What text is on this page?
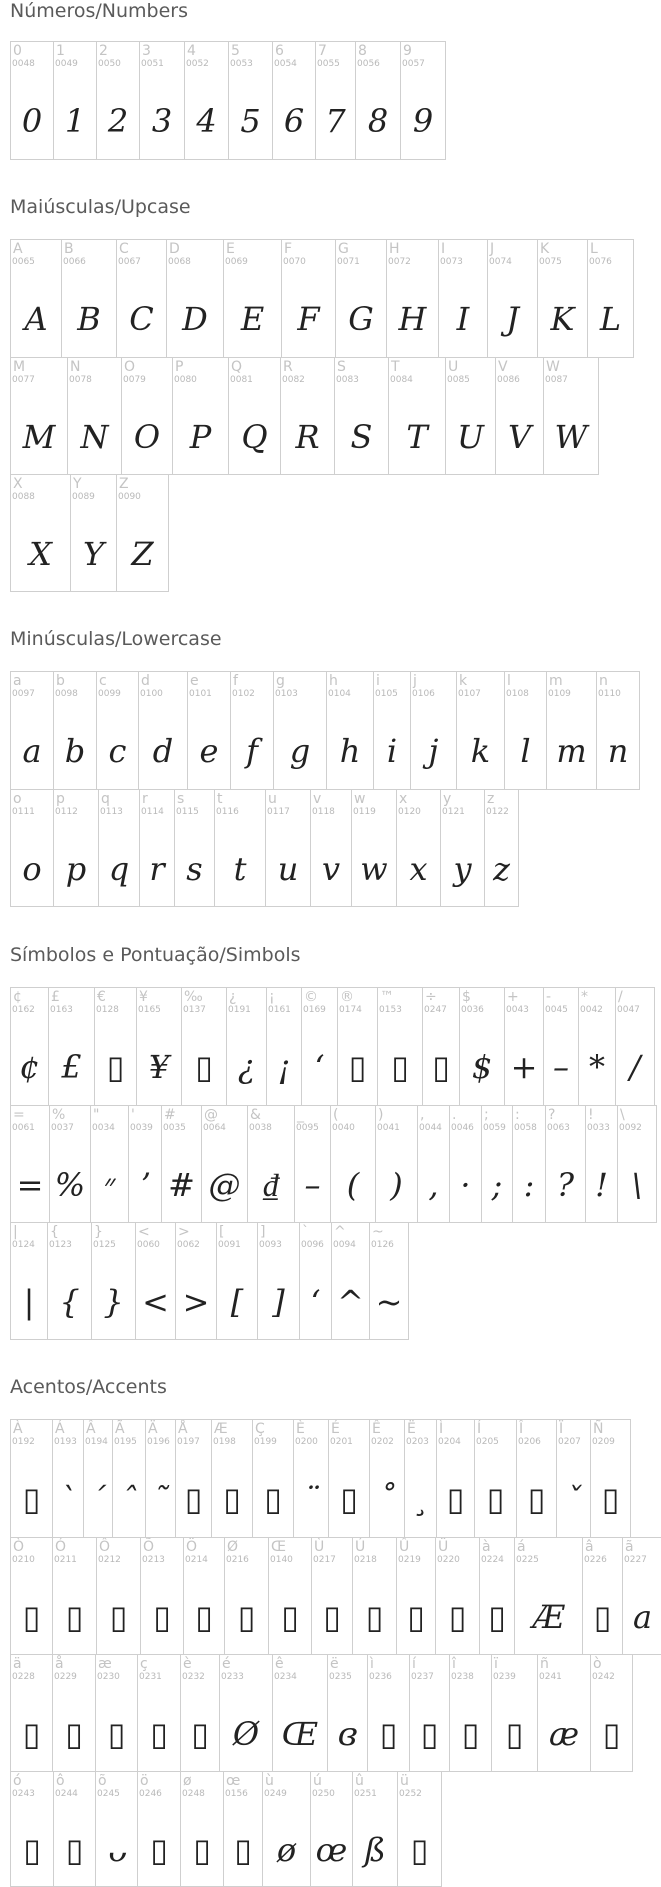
Números/Numbers
0
0048
0
1
0049
1
2
0050
2
3
0051
3
4
0052
4
5
0053
5
6
0054
6
7
0055
7
8
0056
8
9
0057
9
Maiúsculas/Upcase
A
0065
A
B
0066
B
C
0067
C
D
0068
D
E
0069
E
F
0070
F
G
0071
G
H
0072
H
I
0073
I
J
0074
J
K
0075
K
L
0076
L
M
0077
M
N
0078
N
O
0079
O
P
0080
P
Q
0081
Q
R
0082
R
S
0083
S
T
0084
T
U
0085
U
V
0086
V
W
0087
W
X
0088
X
Y
0089
Y
Z
0090
Z
Minúsculas/Lowercase
a
0097
a
b
0098
b
c
0099
c
d
0100
d
e
0101
e
f
0102
f
g
0103
g
h
0104
h
i
0105
i
j
0106
j
k
0107
k
l
0108
l
m
0109
m
n
0110
n
o
0111
o
p
0112
p
q
0113
q
r
0114
r
s
0115
s
t
0116
t
u
0117
u
v
0118
v
w
0119
w
x
0120
x
y
0121
y
z
0122
z
Símbolos e Pontuação/Simbols
¢
0162
¢
£
0163
£
€
0128
▯
¥
0165
¥
‰
0137
▯
¿
0191
¿
¡
0161
¡
©
0169
ʻ
®
0174
▯
™
0153
▯
÷
0247
▯
$
0036
$
+
0043
+
-
0045
–
*
0042
*
/
0047
/
=
0061
=
%
0037
%
"
0034
״
'
0039
ʼ
#
0035
#
@
0064
@
&
0038
₫
_
0095
–
(
0040
(
)
0041
)
,
0044
,
.
0046
·
;
0059
;
:
0058
:
?
0063
?
!
0033
!
\
0092
\
|
0124
|
{
0123
{
}
0125
}
<
0060
<
>
0062
>
[
0091
[
]
0093
]
`
0096
ʻ
^
0094
^
~
0126
~
Acentos/Accents
À
0192
▯
Á
0193
ˋ
Â
0194
ˊ
Ã
0195
ˆ
Ä
0196
˜
Å
0197
▯
Æ
0198
▯
Ç
0199
▯
È
0200
¨
É
0201
▯
Ê
0202
˚
Ë
0203
¸
Ì
0204
▯
Í
0205
▯
Î
0206
▯
Ï
0207
ˇ
Ñ
0209
▯
Ò
0210
▯
Ó
0211
▯
Ô
0212
▯
Õ
0213
▯
Ö
0214
▯
Ø
0216
▯
Œ
0140
▯
Ù
0217
▯
Ú
0218
▯
Û
0219
▯
Ü
0220
▯
à
0224
▯
á
0225
Æ
â
0226
▯
ã
0227
a
ä
0228
▯
å
0229
▯
æ
0230
▯
ç
0231
▯
è
0232
▯
é
0233
Ø
ê
0234
Œ
ë
0235
ɞ
ì
0236
▯
í
0237
▯
î
0238
▯
ï
0239
▯
ñ
0241
æ
ò
0242
▯
ó
0243
▯
ô
0244
▯
õ
0245
ᴗ
ö
0246
▯
ø
0248
▯
œ
0156
▯
ù
0249
ø
ú
0250
œ
û
0251
ß
ü
0252
▯
